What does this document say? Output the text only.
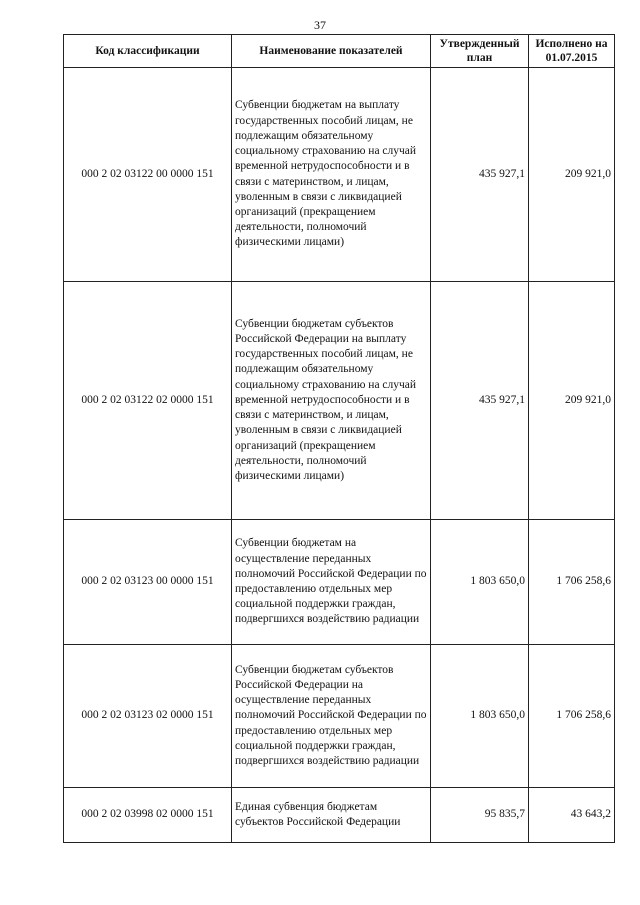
37
Код классификации	Наименование показателей	Утвержденный план	Исполнено на 01.07.2015
000 2 02 03122 00 0000 151	Субвенции бюджетам на выплату государственных пособий лицам, не подлежащим обязательному социальному страхованию на случай временной нетрудоспособности и в связи с материнством, и лицам, уволенным в связи с ликвидацией организаций (прекращением деятельности, полномочий физическими лицами)	435 927,1	209 921,0
000 2 02 03122 02 0000 151	Субвенции бюджетам субъектов Российской Федерации на выплату государственных пособий лицам, не подлежащим обязательному социальному страхованию на случай временной нетрудоспособности и в связи с материнством, и лицам, уволенным в связи с ликвидацией организаций (прекращением деятельности, полномочий физическими лицами)	435 927,1	209 921,0
000 2 02 03123 00 0000 151	Субвенции бюджетам на осуществление переданных полномочий Российской Федерации по предоставлению отдельных мер социальной поддержки граждан, подвергшихся воздействию радиации	1 803 650,0	1 706 258,6
000 2 02 03123 02 0000 151	Субвенции бюджетам субъектов Российской Федерации на осуществление переданных полномочий Российской Федерации по предоставлению отдельных мер социальной поддержки граждан, подвергшихся воздействию радиации	1 803 650,0	1 706 258,6
000 2 02 03998 02 0000 151	Единая субвенция бюджетам субъектов Российской Федерации	95 835,7	43 643,2
